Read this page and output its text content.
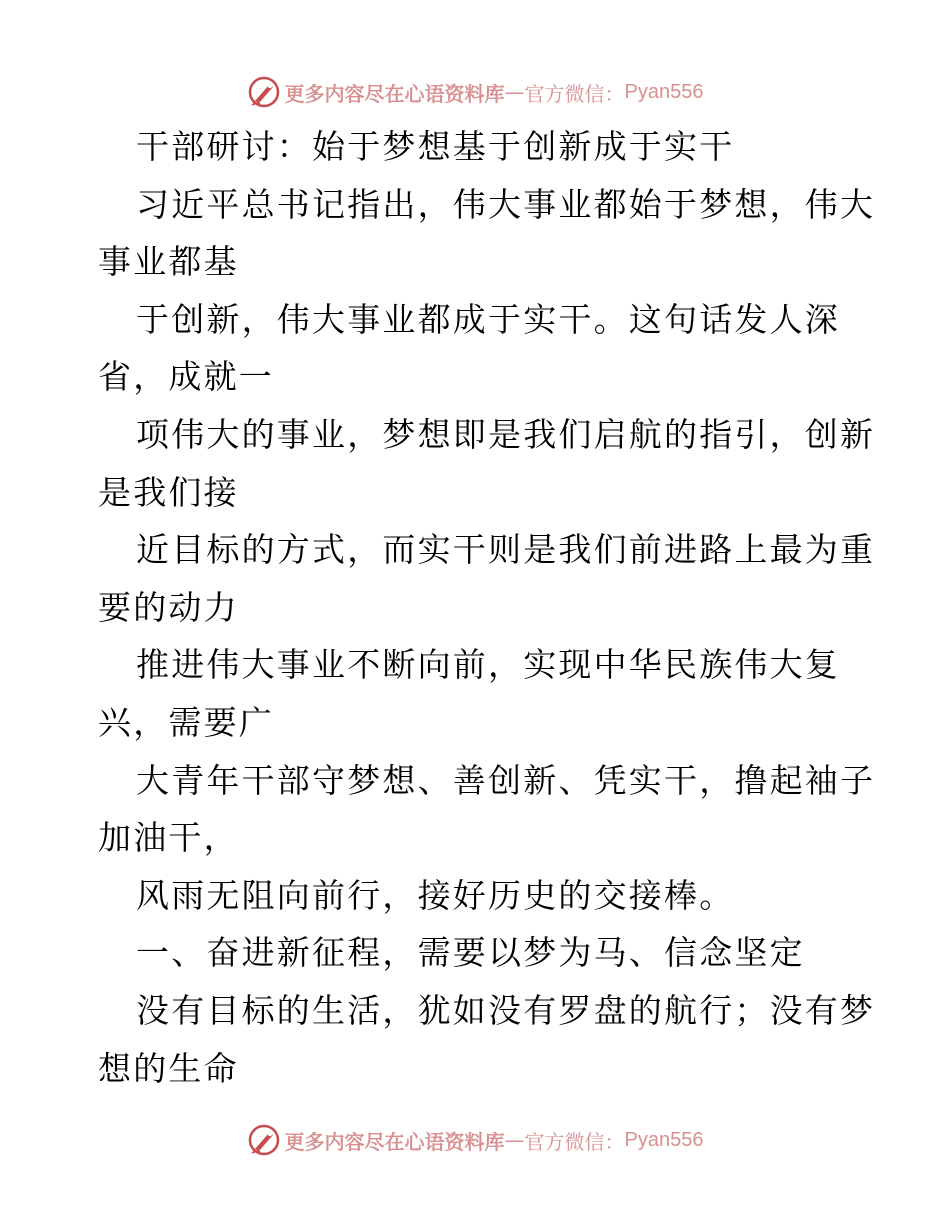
更多内容尽在心语资料库 — 官方微信： Pyan556
干部研讨：始于梦想基于创新成于实干
习近平总书记指出，伟大事业都始于梦想，伟大
事业都基
于创新，伟大事业都成于实干。这句话发人深
省，成就一
项伟大的事业，梦想即是我们启航的指引，创新
是我们接
近目标的方式，而实干则是我们前进路上最为重
要的动力
推进伟大事业不断向前，实现中华民族伟大复
兴，需要广
大青年干部守梦想、善创新、凭实干，撸起袖子
加油干，
风雨无阻向前行，接好历史的交接棒。
一、奋进新征程，需要以梦为马、信念坚定
没有目标的生活，犹如没有罗盘的航行；没有梦
想的生命
更多内容尽在心语资料库 — 官方微信： Pyan556
